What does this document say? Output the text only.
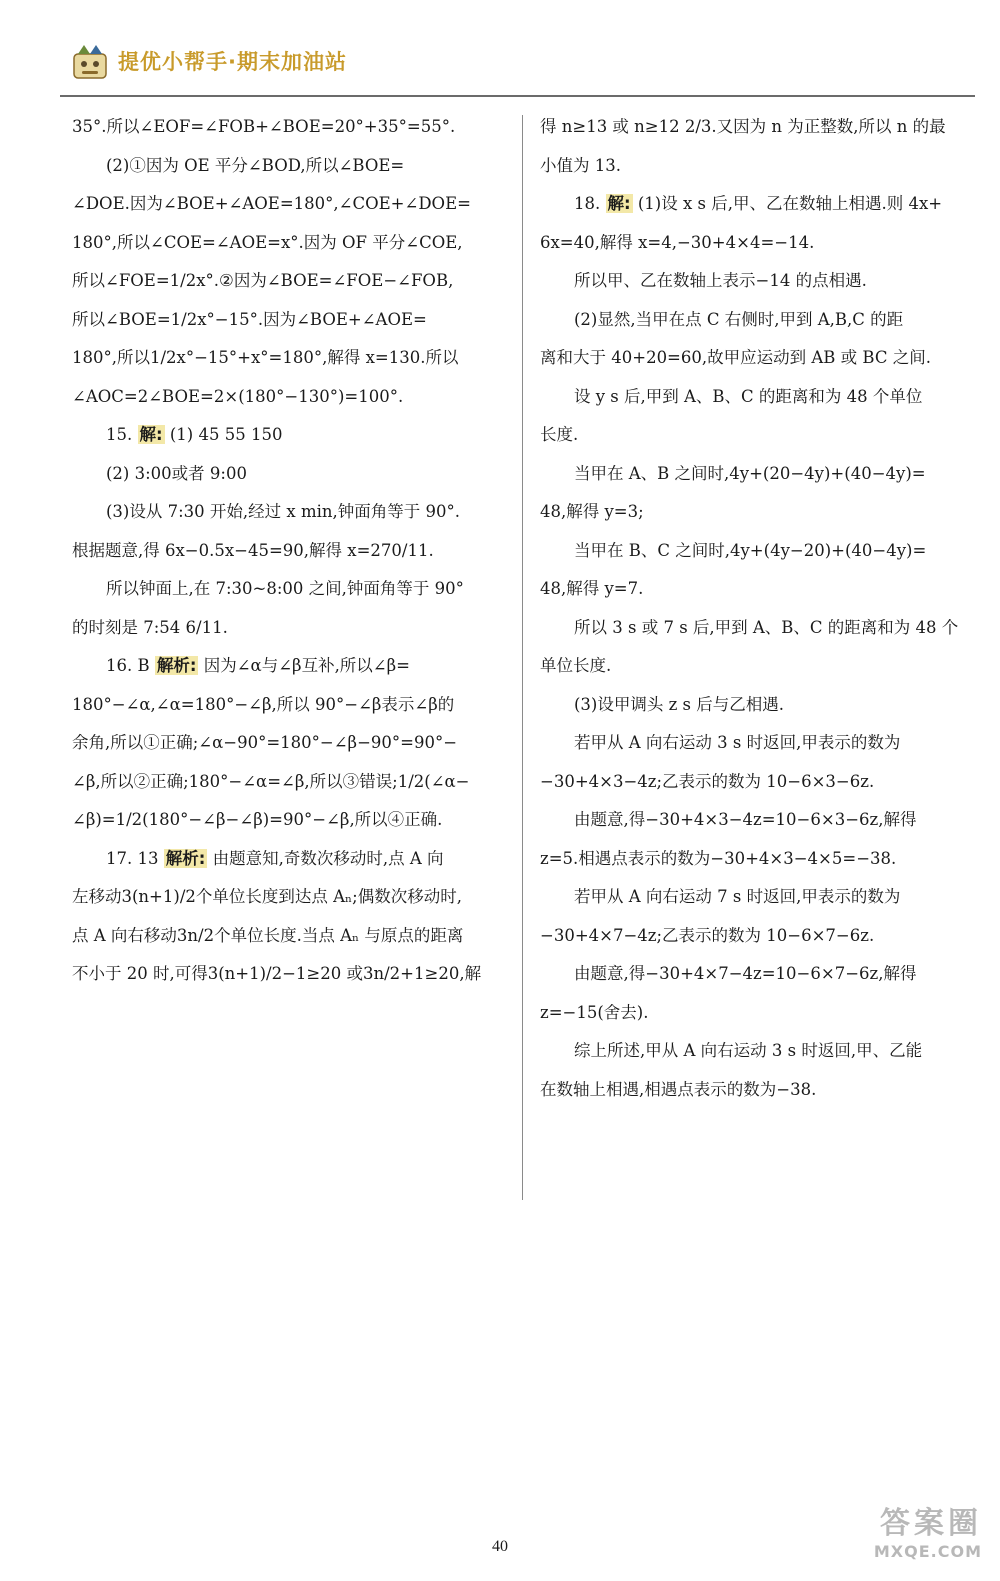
提优小帮手·期末加油站
35°.所以∠EOF=∠FOB+∠BOE=20°+35°=55°.
(2)①因为 OE 平分∠BOD,所以∠BOE=
∠DOE.因为∠BOE+∠AOE=180°,∠COE+∠DOE=
180°,所以∠COE=∠AOE=x°.因为 OF 平分∠COE,
所以∠FOE=1/2x°.②因为∠BOE=∠FOE−∠FOB,
所以∠BOE=1/2x°−15°.因为∠BOE+∠AOE=
180°,所以1/2x°−15°+x°=180°,解得 x=130.所以
∠AOC=2∠BOE=2×(180°−130°)=100°.
15. 解: (1) 45 55 150
(2) 3:00或者 9:00
(3)设从 7:30 开始,经过 x min,钟面角等于 90°.
根据题意,得 6x−0.5x−45=90,解得 x=270/11.
所以钟面上,在 7:30~8:00 之间,钟面角等于 90°
的时刻是 7:54 6/11.
16. B 解析: 因为∠α与∠β互补,所以∠β=
180°−∠α,∠α=180°−∠β,所以 90°−∠β表示∠β的
余角,所以①正确;∠α−90°=180°−∠β−90°=90°−
∠β,所以②正确;180°−∠α=∠β,所以③错误;1/2(∠α−
∠β)=1/2(180°−∠β−∠β)=90°−∠β,所以④正确.
17. 13 解析: 由题意知,奇数次移动时,点 A 向
左移动3(n+1)/2个单位长度到达点 Aₙ;偶数次移动时,
点 A 向右移动3n/2个单位长度.当点 Aₙ 与原点的距离
不小于 20 时,可得3(n+1)/2−1≥20 或3n/2+1≥20,解
得 n≥13 或 n≥12 2/3.又因为 n 为正整数,所以 n 的最
小值为 13.
18. 解: (1)设 x s 后,甲、乙在数轴上相遇.则 4x+
6x=40,解得 x=4,−30+4×4=−14.
所以甲、乙在数轴上表示−14 的点相遇.
(2)显然,当甲在点 C 右侧时,甲到 A,B,C 的距
离和大于 40+20=60,故甲应运动到 AB 或 BC 之间.
设 y s 后,甲到 A、B、C 的距离和为 48 个单位
长度.
当甲在 A、B 之间时,4y+(20−4y)+(40−4y)=
48,解得 y=3;
当甲在 B、C 之间时,4y+(4y−20)+(40−4y)=
48,解得 y=7.
所以 3 s 或 7 s 后,甲到 A、B、C 的距离和为 48 个
单位长度.
(3)设甲调头 z s 后与乙相遇.
若甲从 A 向右运动 3 s 时返回,甲表示的数为
−30+4×3−4z;乙表示的数为 10−6×3−6z.
由题意,得−30+4×3−4z=10−6×3−6z,解得
z=5.相遇点表示的数为−30+4×3−4×5=−38.
若甲从 A 向右运动 7 s 时返回,甲表示的数为
−30+4×7−4z;乙表示的数为 10−6×7−6z.
由题意,得−30+4×7−4z=10−6×7−6z,解得
z=−15(舍去).
综上所述,甲从 A 向右运动 3 s 时返回,甲、乙能
在数轴上相遇,相遇点表示的数为−38.
40
答案圈
MXQE.COM
